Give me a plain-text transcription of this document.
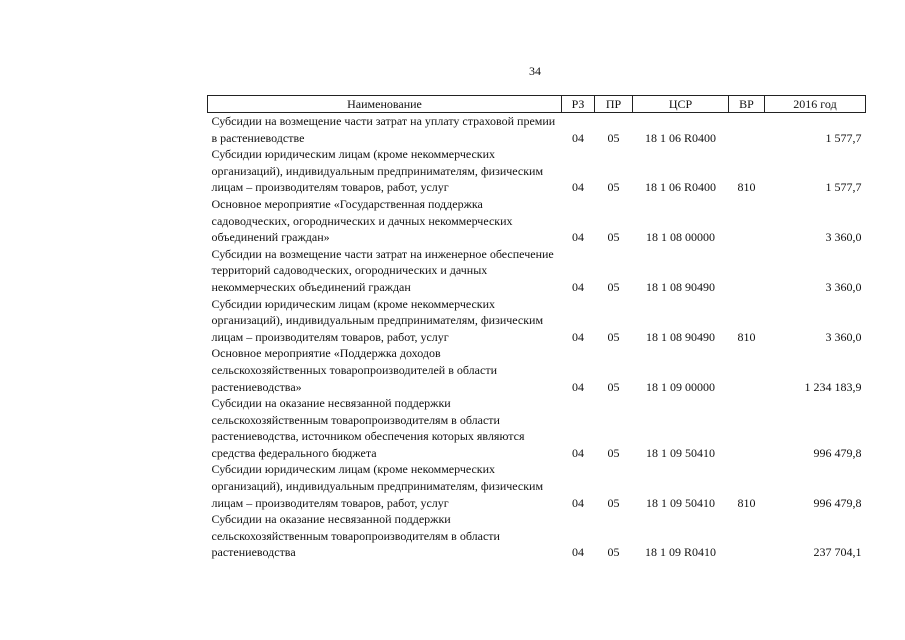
34
Наименование	РЗ	ПР	ЦСР	ВР	2016 год
Субсидии на возмещение части затрат на уплату страховой премии в растениеводстве	04	05	18 1 06 R0400		1 577,7
Субсидии юридическим лицам (кроме некоммерческих организаций), индивидуальным предпринимателям, физическим лицам – производителям товаров, работ, услуг	04	05	18 1 06 R0400	810	1 577,7
Основное мероприятие «Государственная поддержка садоводческих, огороднических и дачных некоммерческих объединений граждан»	04	05	18 1 08 00000		3 360,0
Субсидии на возмещение части затрат на инженерное обеспечение территорий садоводческих, огороднических и дачных некоммерческих объединений граждан	04	05	18 1 08 90490		3 360,0
Субсидии юридическим лицам (кроме некоммерческих организаций), индивидуальным предпринимателям, физическим лицам – производителям товаров, работ, услуг	04	05	18 1 08 90490	810	3 360,0
Основное мероприятие «Поддержка доходов сельскохозяйственных товаропроизводителей в области растениеводства»	04	05	18 1 09 00000		1 234 183,9
Субсидии на оказание несвязанной поддержки сельскохозяйственным товаропроизводителям в области растениеводства, источником обеспечения которых являются средства федерального бюджета	04	05	18 1 09 50410		996 479,8
Субсидии юридическим лицам (кроме некоммерческих организаций), индивидуальным предпринимателям, физическим лицам – производителям товаров, работ, услуг	04	05	18 1 09 50410	810	996 479,8
Субсидии на оказание несвязанной поддержки сельскохозяйственным товаропроизводителям в области растениеводства	04	05	18 1 09 R0410		237 704,1
